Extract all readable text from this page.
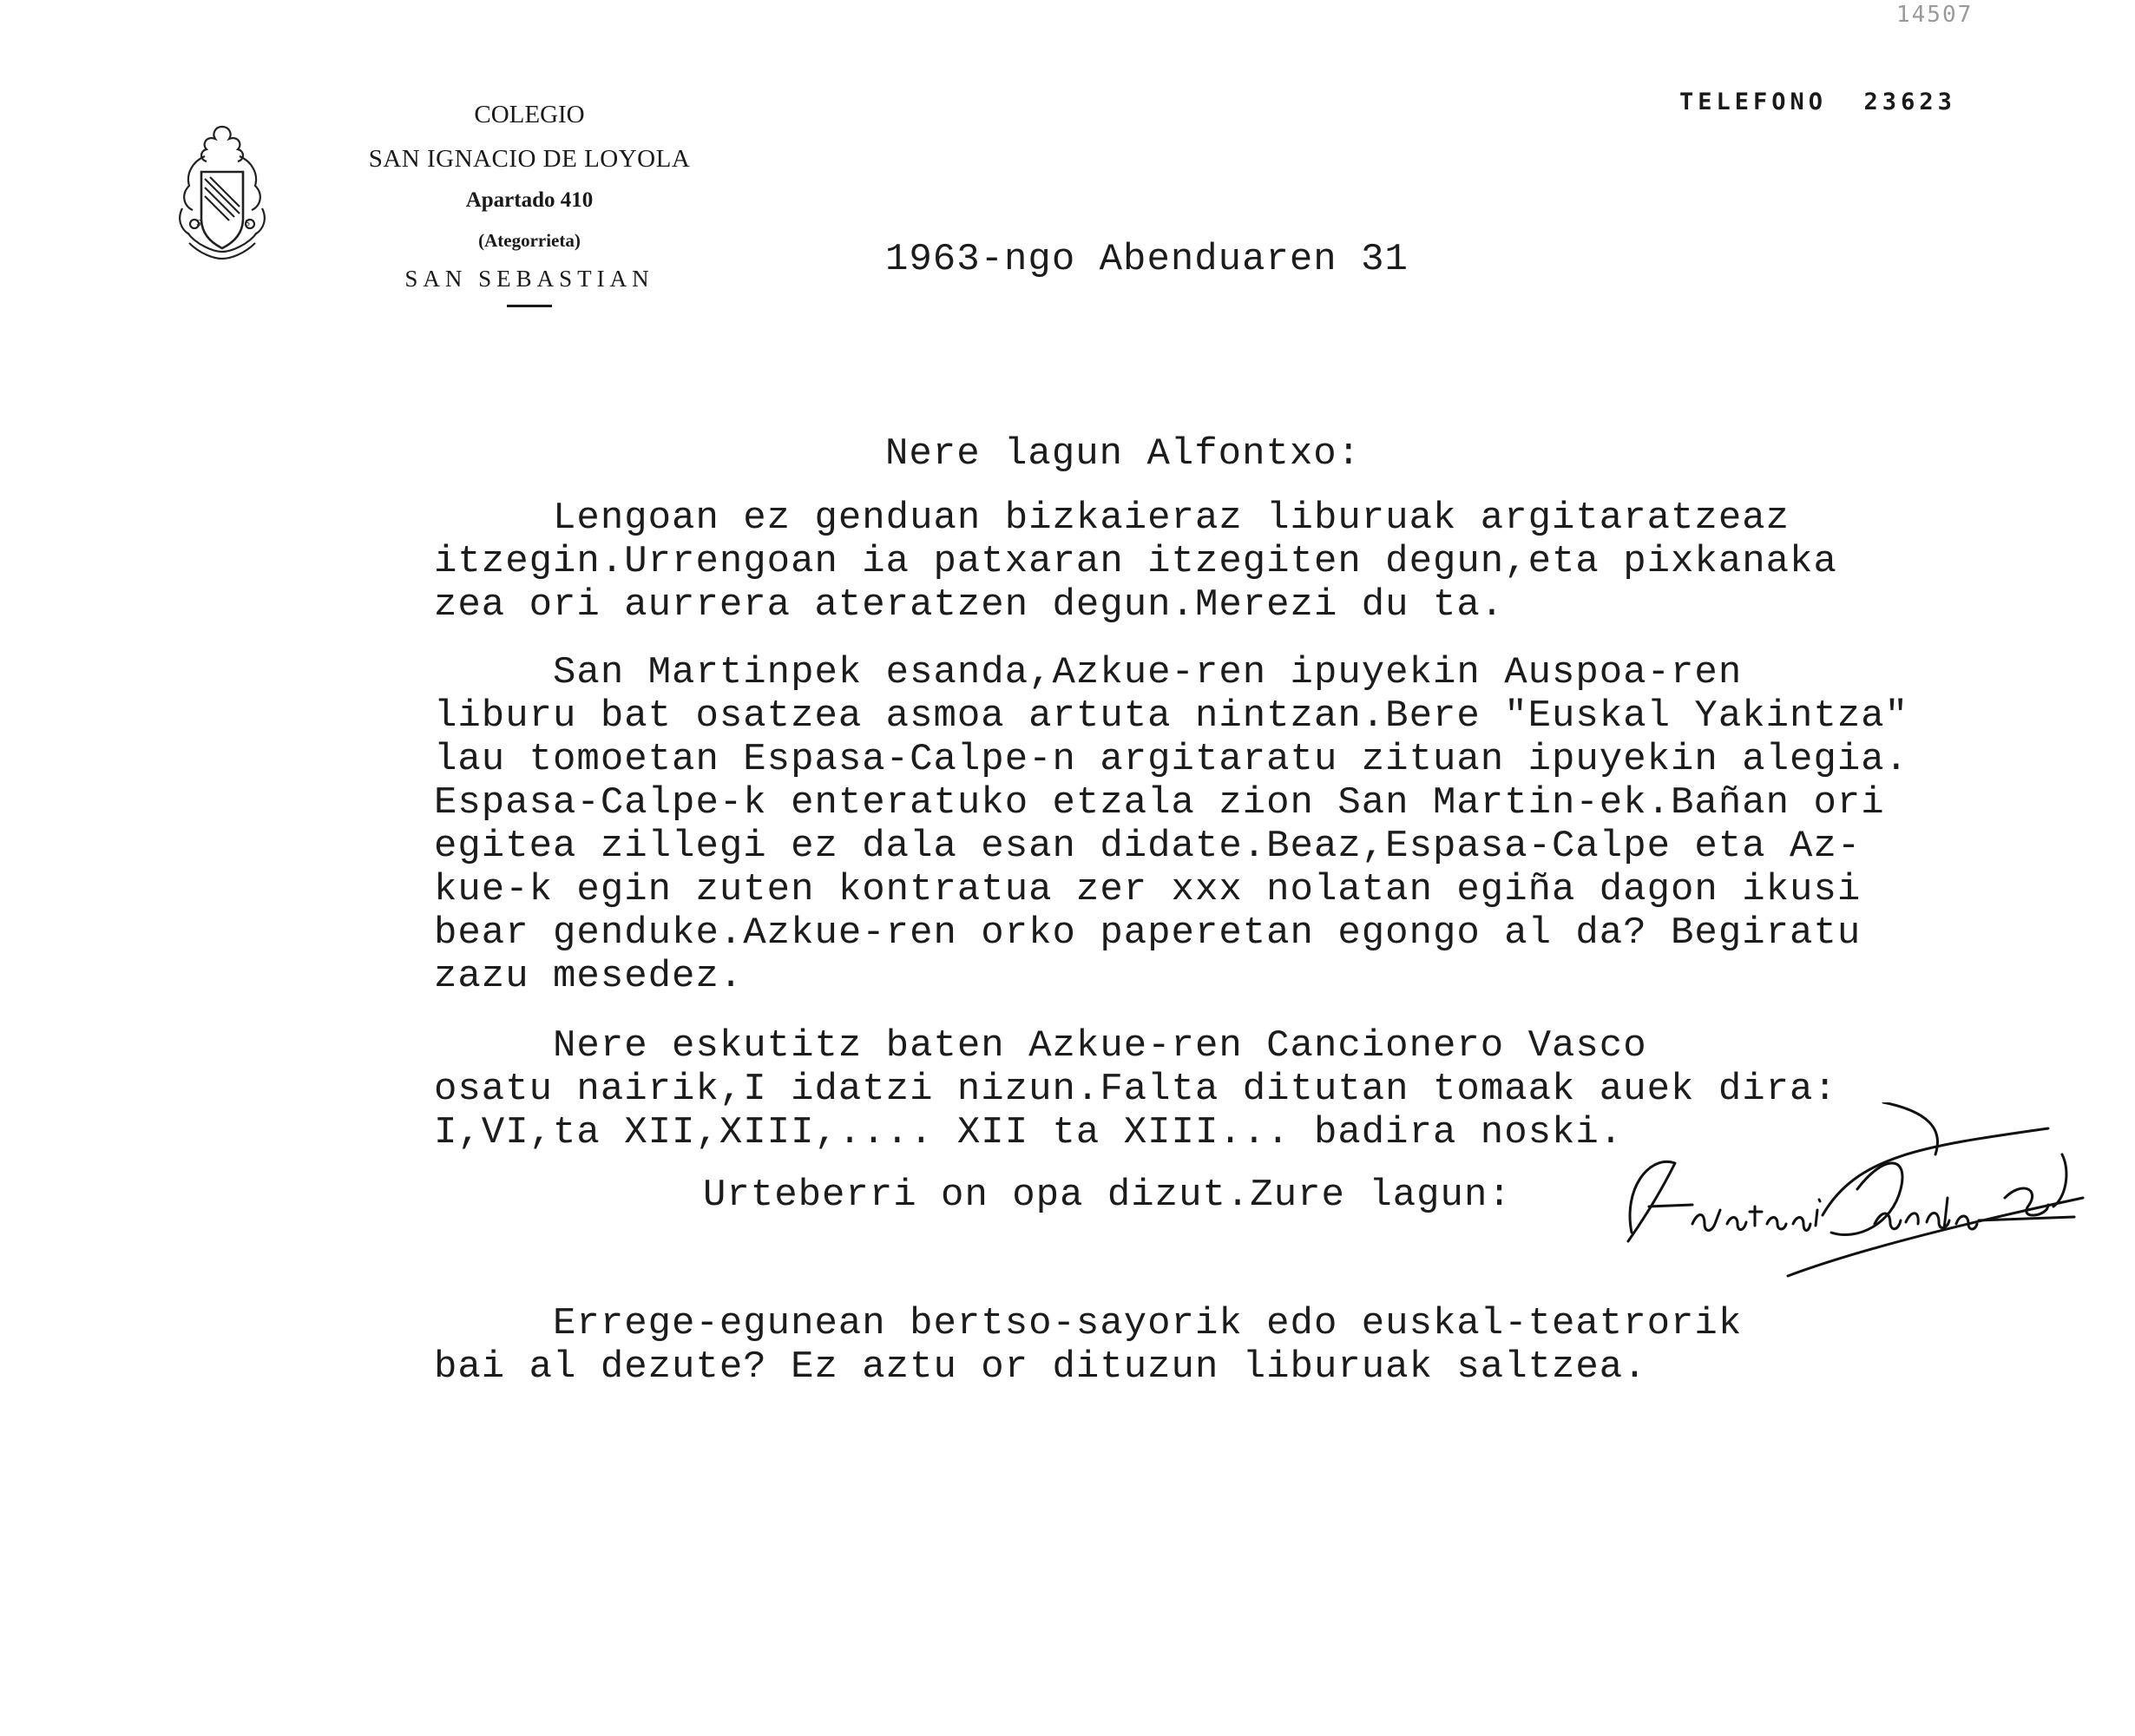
14507
S	S
COLEGIO
SAN IGNACIO DE LOYOLA
Apartado 410
(Ategorrieta)
SAN SEBASTIAN
TELEFONO  23623
1963-ngo Abenduaren 31
Nere lagun Alfontxo:
Lengoan ez genduan bizkaieraz liburuak argitaratzeaz
itzegin.Urrengoan ia patxaran itzegiten degun,eta pixkanaka
zea ori aurrera ateratzen degun.Merezi du ta.
San Martinpek esanda,Azkue-ren ipuyekin Auspoa-ren
liburu bat osatzea asmoa artuta nintzan.Bere "Euskal Yakintza"
lau tomoetan Espasa-Calpe-n argitaratu zituan ipuyekin alegia.
Espasa-Calpe-k enteratuko etzala zion San Martin-ek.Bañan ori
egitea zillegi ez dala esan didate.Beaz,Espasa-Calpe eta Az-
kue-k egin zuten kontratua zer xxx nolatan egiña dagon ikusi
bear genduke.Azkue-ren orko paperetan egongo al da? Begiratu
zazu mesedez.
Nere eskutitz baten Azkue-ren Cancionero Vasco
osatu nairik,I idatzi nizun.Falta ditutan tomaak auek dira:
I,VI,ta XII,XIII,.... XII ta XIII... badira noski.
Urteberri on opa dizut.Zure lagun:
Errege-egunean bertso-sayorik edo euskal-teatrorik
bai al dezute? Ez aztu or dituzun liburuak saltzea.
